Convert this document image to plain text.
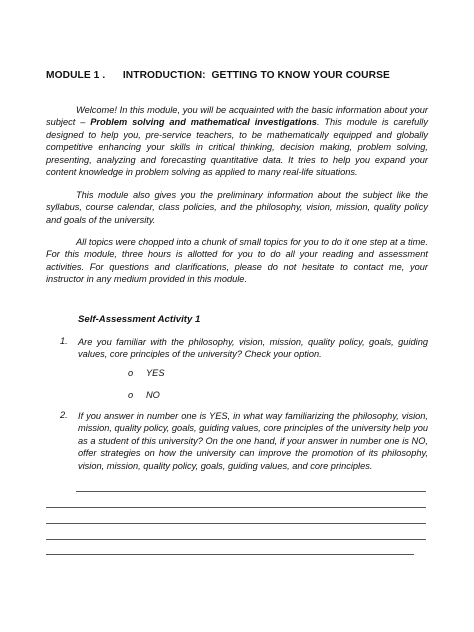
MODULE 1 .      INTRODUCTION:  GETTING TO KNOW YOUR COURSE

Welcome! In this module, you will be acquainted with the basic information about your subject – Problem solving and mathematical investigations. This module is carefully designed to help you, pre-service teachers, to be mathematically equipped and globally competitive enhancing your skills in critical thinking, decision making, problem solving, presenting, analyzing and forecasting quantitative data. It tries to help you expand your content knowledge in problem solving as applied to many real-life situations.

This module also gives you the preliminary information about the subject like the syllabus, course calendar, class policies, and the philosophy, vision, mission, quality policy and goals of the university.

All topics were chopped into a chunk of small topics for you to do it one step at a time. For this module, three hours is allotted for you to do all your reading and assessment activities. For questions and clarifications, please do not hesitate to contact me, your instructor in any medium provided in this module.

Self-Assessment Activity 1
1. Are you familiar with the philosophy, vision, mission, quality policy, goals, guiding values, core principles of the university? Check your option.
o YES
o NO
2. If you answer in number one is YES, in what way familiarizing the philosophy, vision, mission, quality policy, goals, guiding values, core principles of the university help you as a student of this university? On the one hand, if your answer in number one is NO, offer strategies on how the university can improve the promotion of its philosophy, vision, mission, quality policy, goals, guiding values, and core principles.
